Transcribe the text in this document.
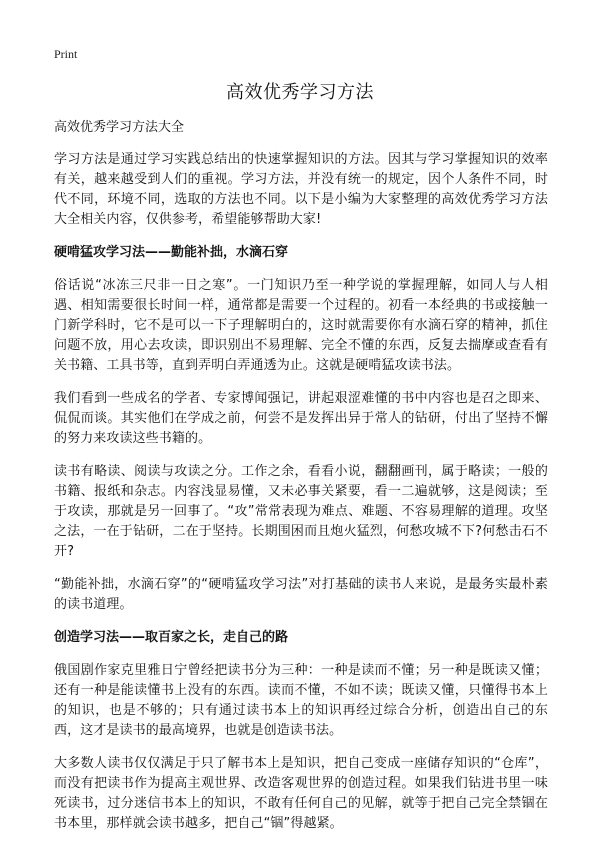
Print
高效优秀学习方法

高效优秀学习方法大全

学习方法是通过学习实践总结出的快速掌握知识的方法。因其与学习掌握知识的效率有关，越来越受到人们的重视。学习方法，并没有统一的规定，因个人条件不同，时代不同，环境不同，选取的方法也不同。以下是小编为大家整理的高效优秀学习方法大全相关内容，仅供参考，希望能够帮助大家!

硬啃猛攻学习法——勤能补拙，水滴石穿

俗话说“冰冻三尺非一日之寒”。一门知识乃至一种学说的掌握理解，如同人与人相遇、相知需要很长时间一样，通常都是需要一个过程的。初看一本经典的书或接触一门新学科时，它不是可以一下子理解明白的，这时就需要你有水滴石穿的精神，抓住问题不放，用心去攻读，即识别出不易理解、完全不懂的东西，反复去揣摩或查看有关书籍、工具书等，直到弄明白弄通透为止。这就是硬啃猛攻读书法。

我们看到一些成名的学者、专家博闻强记，讲起艰涩难懂的书中内容也是召之即来、侃侃而谈。其实他们在学成之前，何尝不是发挥出异于常人的钻研，付出了坚持不懈的努力来攻读这些书籍的。

读书有略读、阅读与攻读之分。工作之余，看看小说，翻翻画刊，属于略读；一般的书籍、报纸和杂志。内容浅显易懂，又未必事关紧要，看一二遍就够，这是阅读；至于攻读，那就是另一回事了。“攻”常常表现为难点、难题、不容易理解的道理。攻坚之法，一在于钻研，二在于坚持。长期围困而且炮火猛烈，何愁攻城不下?何愁击石不开?

“勤能补拙，水滴石穿”的“硬啃猛攻学习法”对打基础的读书人来说，是最务实最朴素的读书道理。

创造学习法——取百家之长，走自己的路

俄国剧作家克里雅日宁曾经把读书分为三种：一种是读而不懂；另一种是既读又懂；还有一种是能读懂书上没有的东西。读而不懂，不如不读；既读又懂，只懂得书本上的知识，也是不够的；只有通过读书本上的知识再经过综合分析，创造出自己的东西，这才是读书的最高境界，也就是创造读书法。

大多数人读书仅仅满足于只了解书本上是知识，把自己变成一座储存知识的“仓库”，而没有把读书作为提高主观世界、改造客观世界的创造过程。如果我们钻进书里一味死读书，过分迷信书本上的知识，不敢有任何自己的见解，就等于把自己完全禁锢在书本里，那样就会读书越多，把自己“锢”得越紧。
